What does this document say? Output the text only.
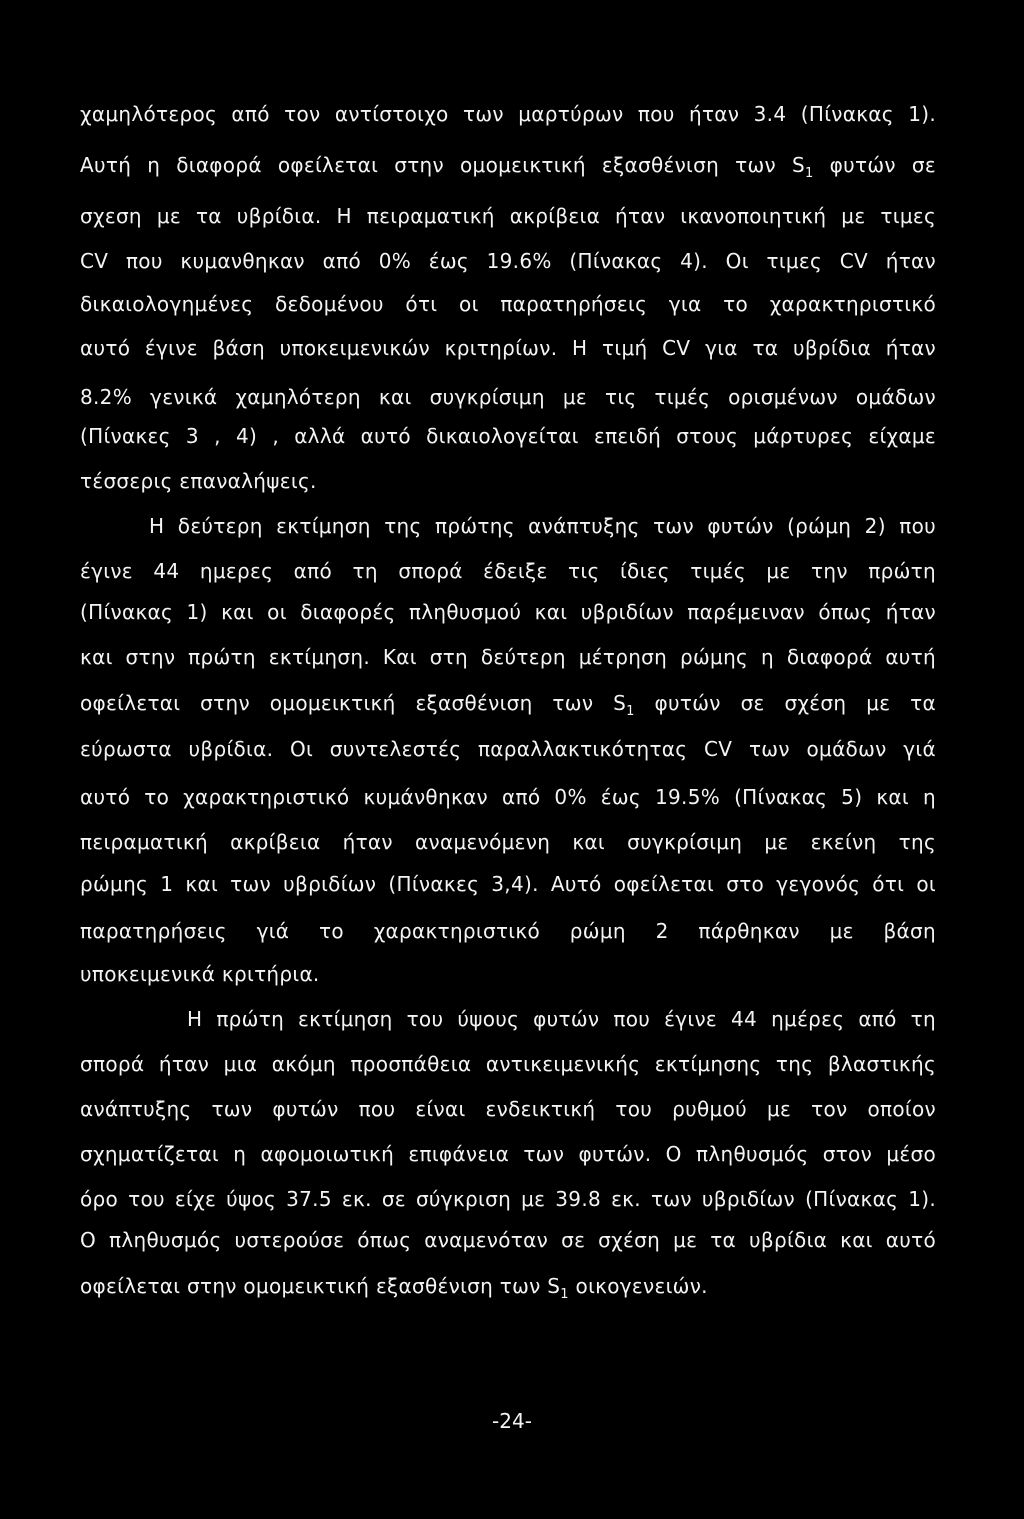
χαμηλότερος από τον αντίστοιχο των μαρτύρων που ήταν 3.4 (Πίνακας 1).
Αυτή η διαφορά οφείλεται στην ομομεικτική εξασθένιση των $S_1$ φυτών σε
σχεση με τα υβρίδια. Η πειραματική ακρίβεια ήταν ικανοποιητική με τιμες
CV που κυμανθηκαν από 0% έως 19.6% (Πίνακας 4). Οι τιμες CV ήταν
δικαιολογημένες δεδομένου ότι οι παρατηρήσεις για το χαρακτηριστικό
αυτό έγινε βάση υποκειμενικών κριτηρίων. Η τιμή CV για τα υβρίδια ήταν
8.2% γενικά χαμηλότερη και συγκρίσιμη με τις τιμές ορισμένων ομάδων
(Πίνακες 3 , 4) , αλλά αυτό δικαιολογείται επειδή στους μάρτυρες είχαμε
τέσσερις επαναλήψεις.
Η δεύτερη εκτίμηση της πρώτης ανάπτυξης των φυτών (ρώμη 2) που
έγινε 44 ημερες από τη σπορά έδειξε τις ίδιες τιμές με την πρώτη
(Πίνακας 1) και οι διαφορές πληθυσμού και υβριδίων παρέμειναν όπως ήταν
και στην πρώτη εκτίμηση. Και στη δεύτερη μέτρηση ρώμης η διαφορά αυτή
οφείλεται στην ομομεικτική εξασθένιση των $S_1$ φυτών σε σχέση με τα
εύρωστα υβρίδια. Οι συντελεστές παραλλακτικότητας CV των ομάδων γιά
αυτό το χαρακτηριστικό κυμάνθηκαν από 0% έως 19.5% (Πίνακας 5) και η
πειραματική ακρίβεια ήταν αναμενόμενη και συγκρίσιμη με εκείνη της
ρώμης 1 και των υβριδίων (Πίνακες 3,4). Αυτό οφείλεται στο γεγονός ότι οι
παρατηρήσεις γιά το χαρακτηριστικό ρώμη 2 πάρθηκαν με βάση
υποκειμενικά κριτήρια.
Η πρώτη εκτίμηση του ύψους φυτών που έγινε 44 ημέρες από τη
σπορά ήταν μια ακόμη προσπάθεια αντικειμενικής εκτίμησης της βλαστικής
ανάπτυξης των φυτών που είναι ενδεικτική του ρυθμού με τον οποίον
σχηματίζεται η αφομοιωτική επιφάνεια των φυτών. Ο πληθυσμός στον μέσο
όρο του είχε ύψος 37.5 εκ. σε σύγκριση με 39.8 εκ. των υβριδίων (Πίνακας 1).
Ο πληθυσμός υστερούσε όπως αναμενόταν σε σχέση με τα υβρίδια και αυτό
οφείλεται στην ομομεικτική εξασθένιση των $S_1$ οικογενειών.
-24-
